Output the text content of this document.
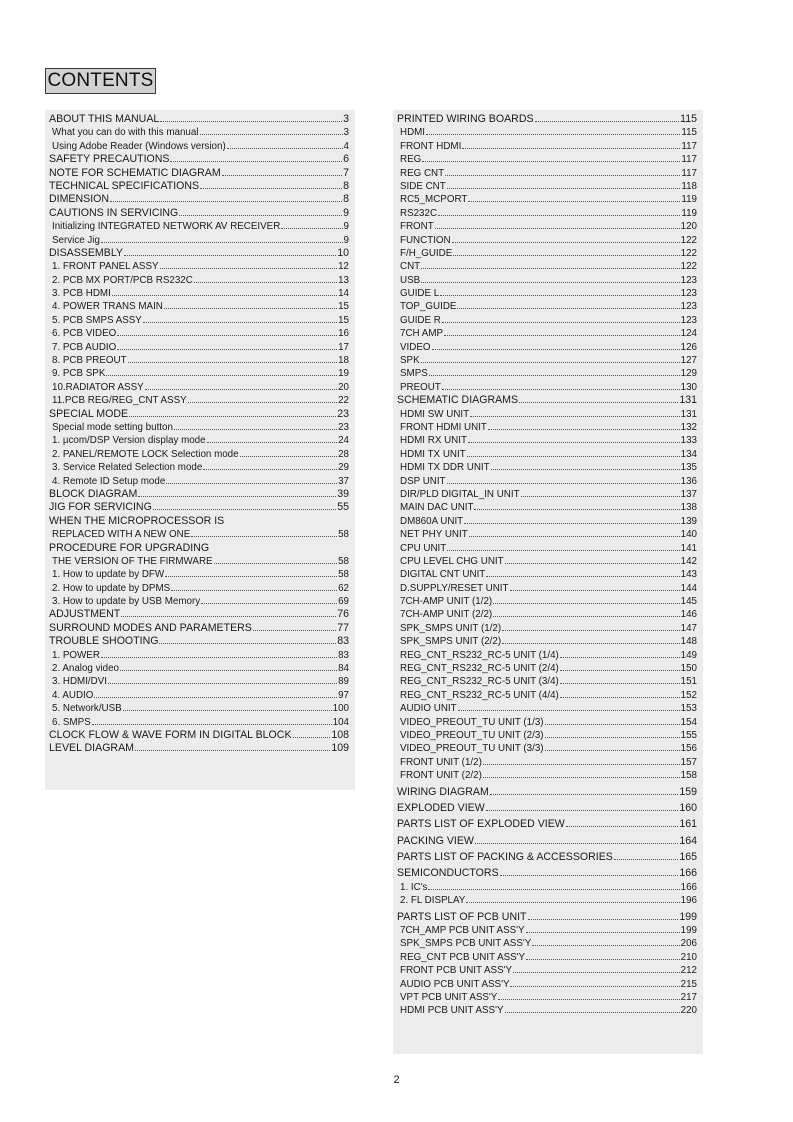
CONTENTS
ABOUT THIS MANUAL	3
What you can do with this manual	3
Using Adobe Reader (Windows version)	4
SAFETY PRECAUTIONS	6
NOTE FOR SCHEMATIC DIAGRAM	7
TECHNICAL SPECIFICATIONS	8
DIMENSION	8
CAUTIONS IN SERVICING	9
Initializing INTEGRATED NETWORK AV RECEIVER	9
Service Jig	9
DISASSEMBLY	10
1. FRONT PANEL ASSY	12
2. PCB MX PORT/PCB RS232C	13
3. PCB HDMI	14
4. POWER TRANS MAIN	15
5. PCB SMPS ASSY	15
6. PCB VIDEO	16
7. PCB AUDIO	17
8. PCB PREOUT	18
9. PCB SPK	19
10.RADIATOR ASSY	20
11.PCB REG/REG_CNT ASSY	22
SPECIAL MODE	23
Special mode setting button	23
1. µcom/DSP Version display mode	24
2. PANEL/REMOTE LOCK Selection mode	28
3. Service Related Selection mode	29
4. Remote ID Setup mode	37
BLOCK DIAGRAM	39
JIG FOR SERVICING	55
WHEN THE MICROPROCESSOR IS
REPLACED WITH A NEW ONE	58
PROCEDURE FOR UPGRADING
THE VERSION OF THE FIRMWARE	58
1. How to update by DFW	58
2. How to update by DPMS	62
3. How to update by USB Memory	69
ADJUSTMENT	76
SURROUND MODES AND PARAMETERS	77
TROUBLE SHOOTING	83
1. POWER	83
2. Analog video	84
3. HDMI/DVI	89
4. AUDIO	97
5. Network/USB	100
6. SMPS	104
CLOCK FLOW & WAVE FORM IN DIGITAL BLOCK	108
LEVEL DIAGRAM	109
PRINTED WIRING BOARDS	115
HDMI	115
FRONT HDMI	117
REG	117
REG CNT	117
SIDE CNT	118
RC5_MCPORT	119
RS232C	119
FRONT	120
FUNCTION	122
F/H_GUIDE	122
CNT	122
USB	123
GUIDE L	123
TOP_GUIDE	123
GUIDE R	123
7CH AMP	124
VIDEO	126
SPK	127
SMPS	129
PREOUT	130
SCHEMATIC DIAGRAMS	131
HDMI SW UNIT	131
FRONT HDMI UNIT	132
HDMI RX UNIT	133
HDMI TX UNIT	134
HDMI TX DDR UNIT	135
DSP UNIT	136
DIR/PLD DIGITAL_IN UNIT	137
MAIN DAC UNIT	138
DM860A UNIT	139
NET PHY UNIT	140
CPU UNIT	141
CPU LEVEL CHG UNIT	142
DIGITAL CNT UNIT	143
D.SUPPLY/RESET UNIT	144
7CH-AMP UNIT (1/2)	145
7CH-AMP UNIT (2/2)	146
SPK_SMPS UNIT (1/2)	147
SPK_SMPS UNIT (2/2)	148
REG_CNT_RS232_RC-5 UNIT (1/4)	149
REG_CNT_RS232_RC-5 UNIT (2/4)	150
REG_CNT_RS232_RC-5 UNIT (3/4)	151
REG_CNT_RS232_RC-5 UNIT (4/4)	152
AUDIO UNIT	153
VIDEO_PREOUT_TU UNIT (1/3)	154
VIDEO_PREOUT_TU UNIT (2/3)	155
VIDEO_PREOUT_TU UNIT (3/3)	156
FRONT UNIT (1/2)	157
FRONT UNIT (2/2)	158
WIRING DIAGRAM	159
EXPLODED VIEW	160
PARTS LIST OF EXPLODED VIEW	161
PACKING VIEW	164
PARTS LIST OF PACKING & ACCESSORIES	165
SEMICONDUCTORS	166
1. IC's	166
2. FL DISPLAY	196
PARTS LIST OF PCB UNIT	199
7CH_AMP PCB UNIT ASS'Y	199
SPK_SMPS PCB UNIT ASS'Y	206
REG_CNT PCB UNIT ASS'Y	210
FRONT PCB UNIT ASS'Y	212
AUDIO PCB UNIT ASS'Y	215
VPT PCB UNIT ASS'Y	217
HDMI PCB UNIT ASS'Y	220
2
